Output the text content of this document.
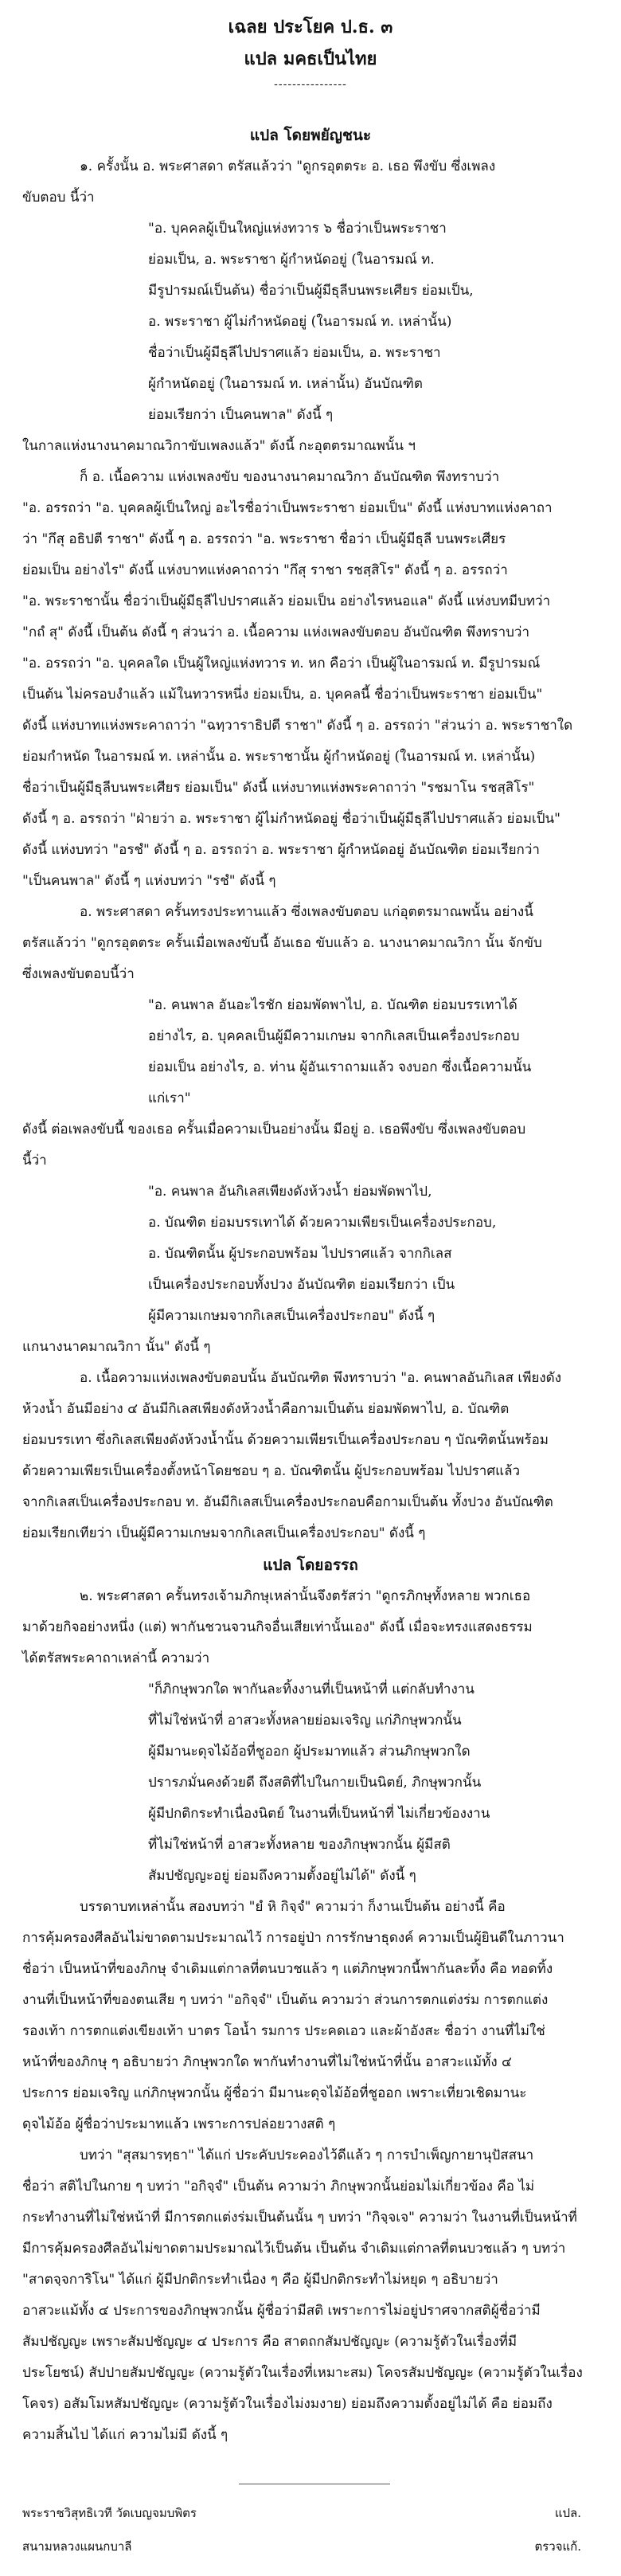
เฉลย ประโยค ป.ธ. ๓
แปล มคธเป็นไทย
----------------
แปล โดยพยัญชนะ
๑. ครั้งนั้น อ. พระศาสดา ตรัสแล้วว่า "ดูกรอุตตระ อ. เธอ พึงขับ ซึ่งเพลง
ขับตอบ นี้ว่า
"อ. บุคคลผู้เป็นใหญ่แห่งทวาร ๖ ชื่อว่าเป็นพระราชา
ย่อมเป็น, อ. พระราชา ผู้กำหนัดอยู่ (ในอารมณ์ ท.
มีรูปารมณ์เป็นต้น) ชื่อว่าเป็นผู้มีธุลีบนพระเศียร ย่อมเป็น,
อ. พระราชา ผู้ไม่กำหนัดอยู่ (ในอารมณ์ ท. เหล่านั้น)
ชื่อว่าเป็นผู้มีธุลีไปปราศแล้ว ย่อมเป็น, อ. พระราชา
ผู้กำหนัดอยู่ (ในอารมณ์ ท. เหล่านั้น) อันบัณฑิต
ย่อมเรียกว่า เป็นคนพาล" ดังนี้ ๆ
ในกาลแห่งนางนาคมาณวิกาขับเพลงแล้ว" ดังนี้ กะอุตตรมาณพนั้น ฯ
ก็ อ. เนื้อความ แห่งเพลงขับ ของนางนาคมาณวิกา อันบัณฑิต พึงทราบว่า
"อ. อรรถว่า "อ. บุคคลผู้เป็นใหญ่ อะไรชื่อว่าเป็นพระราชา ย่อมเป็น" ดังนี้ แห่งบาทแห่งคาถา
ว่า "กึสุ อธิปตี ราชา" ดังนี้ ๆ อ. อรรถว่า "อ. พระราชา ชื่อว่า เป็นผู้มีธุลี บนพระเศียร
ย่อมเป็น อย่างไร" ดังนี้ แห่งบาทแห่งคาถาว่า "กึสุ ราชา รชสฺสิโร" ดังนี้ ๆ อ. อรรถว่า
"อ. พระราชานั้น ชื่อว่าเป็นผู้มีธุลีไปปราศแล้ว ย่อมเป็น อย่างไรหนอแล" ดังนี้ แห่งบทมีบทว่า
"กถํ สุ" ดังนี้ เป็นต้น ดังนี้ ๆ ส่วนว่า อ. เนื้อความ แห่งเพลงขับตอบ อันบัณฑิต พึงทราบว่า
"อ. อรรถว่า "อ. บุคคลใด เป็นผู้ใหญ่แห่งทวาร ท. หก คือว่า เป็นผู้ในอารมณ์ ท. มีรูปารมณ์
เป็นต้น ไม่ครอบงำแล้ว แม้ในทวารหนึ่ง ย่อมเป็น, อ. บุคคลนี้ ชื่อว่าเป็นพระราชา ย่อมเป็น"
ดังนี้ แห่งบาทแห่งพระคาถาว่า "ฉทฺวาราธิปตี ราชา" ดังนี้ ๆ อ. อรรถว่า "ส่วนว่า อ. พระราชาใด
ย่อมกำหนัด ในอารมณ์ ท. เหล่านั้น อ. พระราชานั้น ผู้กำหนัดอยู่ (ในอารมณ์ ท. เหล่านั้น)
ชื่อว่าเป็นผู้มีธุลีบนพระเศียร ย่อมเป็น" ดังนี้ แห่งบาทแห่งพระคาถาว่า "รชมาโน รชสฺสิโร"
ดังนี้ ๆ อ. อรรถว่า "ฝ่ายว่า อ. พระราชา ผู้ไม่กำหนัดอยู่ ชื่อว่าเป็นผู้มีธุลีไปปราศแล้ว ย่อมเป็น"
ดังนี้ แห่งบทว่า "อรชํ" ดังนี้ ๆ อ. อรรถว่า อ. พระราชา ผู้กำหนัดอยู่ อันบัณฑิต ย่อมเรียกว่า
"เป็นคนพาล" ดังนี้ ๆ แห่งบทว่า "รชํ" ดังนี้ ๆ
อ. พระศาสดา ครั้นทรงประทานแล้ว ซึ่งเพลงขับตอบ แก่อุตตรมาณพนั้น อย่างนี้
ตรัสแล้วว่า "ดูกรอุตตระ ครั้นเมื่อเพลงขับนี้ อันเธอ ขับแล้ว อ. นางนาคมาณวิกา นั้น จักขับ
ซึ่งเพลงขับตอบนี้ว่า
"อ. คนพาล อันอะไรชัก ย่อมพัดพาไป, อ. บัณฑิต ย่อมบรรเทาได้
อย่างไร, อ. บุคคลเป็นผู้มีความเกษม จากกิเลสเป็นเครื่องประกอบ
ย่อมเป็น อย่างไร, อ. ท่าน ผู้อันเราถามแล้ว จงบอก ซึ่งเนื้อความนั้น
แก่เรา"
ดังนี้ ต่อเพลงขับนี้ ของเธอ ครั้นเมื่อความเป็นอย่างนั้น มีอยู่ อ. เธอพึงขับ ซึ่งเพลงขับตอบ
นี้ว่า
"อ. คนพาล อันกิเลสเพียงดังห้วงน้ำ ย่อมพัดพาไป,
อ. บัณฑิต ย่อมบรรเทาได้ ด้วยความเพียรเป็นเครื่องประกอบ,
อ. บัณฑิตนั้น ผู้ประกอบพร้อม ไปปราศแล้ว จากกิเลส
เป็นเครื่องประกอบทั้งปวง อันบัณฑิต ย่อมเรียกว่า เป็น
ผู้มีความเกษมจากกิเลสเป็นเครื่องประกอบ" ดังนี้ ๆ
แกนางนาคมาณวิกา นั้น" ดังนี้ ๆ
อ. เนื้อความแห่งเพลงขับตอบนั้น อันบัณฑิต พึงทราบว่า "อ. คนพาลอันกิเลส เพียงดัง
ห้วงน้ำ อันมีอย่าง ๔ อันมีกิเลสเพียงดังห้วงน้ำคือกามเป็นต้น ย่อมพัดพาไป, อ. บัณฑิต
ย่อมบรรเทา ซึ่งกิเลสเพียงดังห้วงน้ำนั้น ด้วยความเพียรเป็นเครื่องประกอบ ๆ บัณฑิตนั้นพร้อม
ด้วยความเพียรเป็นเครื่องตั้งหน้าโดยชอบ ๆ อ. บัณฑิตนั้น ผู้ประกอบพร้อม ไปปราศแล้ว
จากกิเลสเป็นเครื่องประกอบ ท. อันมีกิเลสเป็นเครื่องประกอบคือกามเป็นต้น ทั้งปวง อันบัณฑิต
ย่อมเรียกเทียว่า เป็นผู้มีความเกษมจากกิเลสเป็นเครื่องประกอบ" ดังนี้ ๆ
แปล โดยอรรถ
๒. พระศาสดา ครั้นทรงเจ้ามภิกษุเหล่านั้นจึงตรัสว่า "ดูกรภิกษุทั้งหลาย พวกเธอ
มาด้วยกิจอย่างหนึ่ง (แต่) พากันชวนจวนกิจอื่นเสียเท่านั้นเอง" ดังนี้ เมื่อจะทรงแสดงธรรม
ได้ตรัสพระคาถาเหล่านี้ ความว่า
"ก็ภิกษุพวกใด พากันละทิ้งงานที่เป็นหน้าที่ แต่กลับทำงาน
ที่ไม่ใช่หน้าที่ อาสวะทั้งหลายย่อมเจริญ แก่ภิกษุพวกนั้น
ผู้มีมานะดุจไม้อ้อที่ชูออก ผู้ประมาทแล้ว ส่วนภิกษุพวกใด
ปรารภมั่นคงด้วยดี ถึงสติที่ไปในกายเป็นนิตย์, ภิกษุพวกนั้น
ผู้มีปกติกระทำเนื่องนิตย์ ในงานที่เป็นหน้าที่ ไม่เกี่ยวข้องงาน
ที่ไม่ใช่หน้าที่ อาสวะทั้งหลาย ของภิกษุพวกนั้น ผู้มีสติ
สัมปชัญญะอยู่ ย่อมถึงความตั้งอยู่ไม่ได้" ดังนี้ ๆ
บรรดาบทเหล่านั้น สองบทว่า "ยํ หิ กิจฺจํ" ความว่า ก็งานเป็นต้น อย่างนี้ คือ
การคุ้มครองศีลอันไม่ขาดตามประมาณไว้ การอยู่ป่า การรักษาธุดงค์ ความเป็นผู้ยินดีในภาวนา
ชื่อว่า เป็นหน้าที่ของภิกษุ จำเดิมแต่กาลที่ตนบวชแล้ว ๆ แต่ภิกษุพวกนี้พากันละทิ้ง คือ ทอดทิ้ง
งานที่เป็นหน้าที่ของตนเสีย ๆ บทว่า "อกิจฺจํ" เป็นต้น ความว่า ส่วนการตกแต่งร่ม การตกแต่ง
รองเท้า การตกแต่งเขียงเท้า บาตร โอน้ำ รมการ ประคดเอว และผ้าอังสะ ชื่อว่า งานที่ไม่ใช่
หน้าที่ของภิกษุ ๆ อธิบายว่า ภิกษุพวกใด พากันทำงานที่ไม่ใช่หน้าที่นั้น อาสวะแม้ทั้ง ๔
ประการ ย่อมเจริญ แก่ภิกษุพวกนั้น ผู้ชื่อว่า มีมานะดุจไม้อ้อที่ชูออก เพราะเที่ยวเชิดมานะ
ดุจไม้อ้อ ผู้ชื่อว่าประมาทแล้ว เพราะการปล่อยวางสติ ๆ
บทว่า "สุสมารทฺธา" ได้แก่ ประคับประคองไว้ดีแล้ว ๆ การบำเพ็ญกายานุปัสสนา
ชื่อว่า สติไปในกาย ๆ บทว่า "อกิจฺจํ" เป็นต้น ความว่า ภิกษุพวกนั้นย่อมไม่เกี่ยวข้อง คือ ไม่
กระทำงานที่ไม่ใช่หน้าที่ มีการตกแต่งร่มเป็นต้นนั้น ๆ บทว่า "กิจฺจเจ" ความว่า ในงานที่เป็นหน้าที่
มีการคุ้มครองศีลอันไม่ขาดตามประมาณไว้เป็นต้น เป็นต้น จำเดิมแต่กาลที่ตนบวชแล้ว ๆ บทว่า
"สาตจฺจการิโน" ได้แก่ ผู้มีปกติกระทำเนื่อง ๆ คือ ผู้มีปกติกระทำไม่หยุด ๆ อธิบายว่า
อาสวะแม้ทั้ง ๔ ประการของภิกษุพวกนั้น ผู้ชื่อว่ามีสติ เพราะการไม่อยู่ปราศจากสติผู้ชื่อว่ามี
สัมปชัญญะ เพราะสัมปชัญญะ ๔ ประการ คือ สาตถกสัมปชัญญะ (ความรู้ตัวในเรื่องที่มี
ประโยชน์) สัปปายสัมปชัญญะ (ความรู้ตัวในเรื่องที่เหมาะสม) โคจรสัมปชัญญะ (ความรู้ตัวในเรื่อง
โคจร) อสัมโมหสัมปชัญญะ (ความรู้ตัวในเรื่องไม่งมงาย) ย่อมถึงความตั้งอยู่ไม่ได้ คือ ย่อมถึง
ความสิ้นไป ได้แก่ ความไม่มี ดังนี้ ๆ
พระราชวิสุทธิเวที วัดเบญจมบพิตร	แปล.
สนามหลวงแผนกบาลี	ตรวจแก้.
